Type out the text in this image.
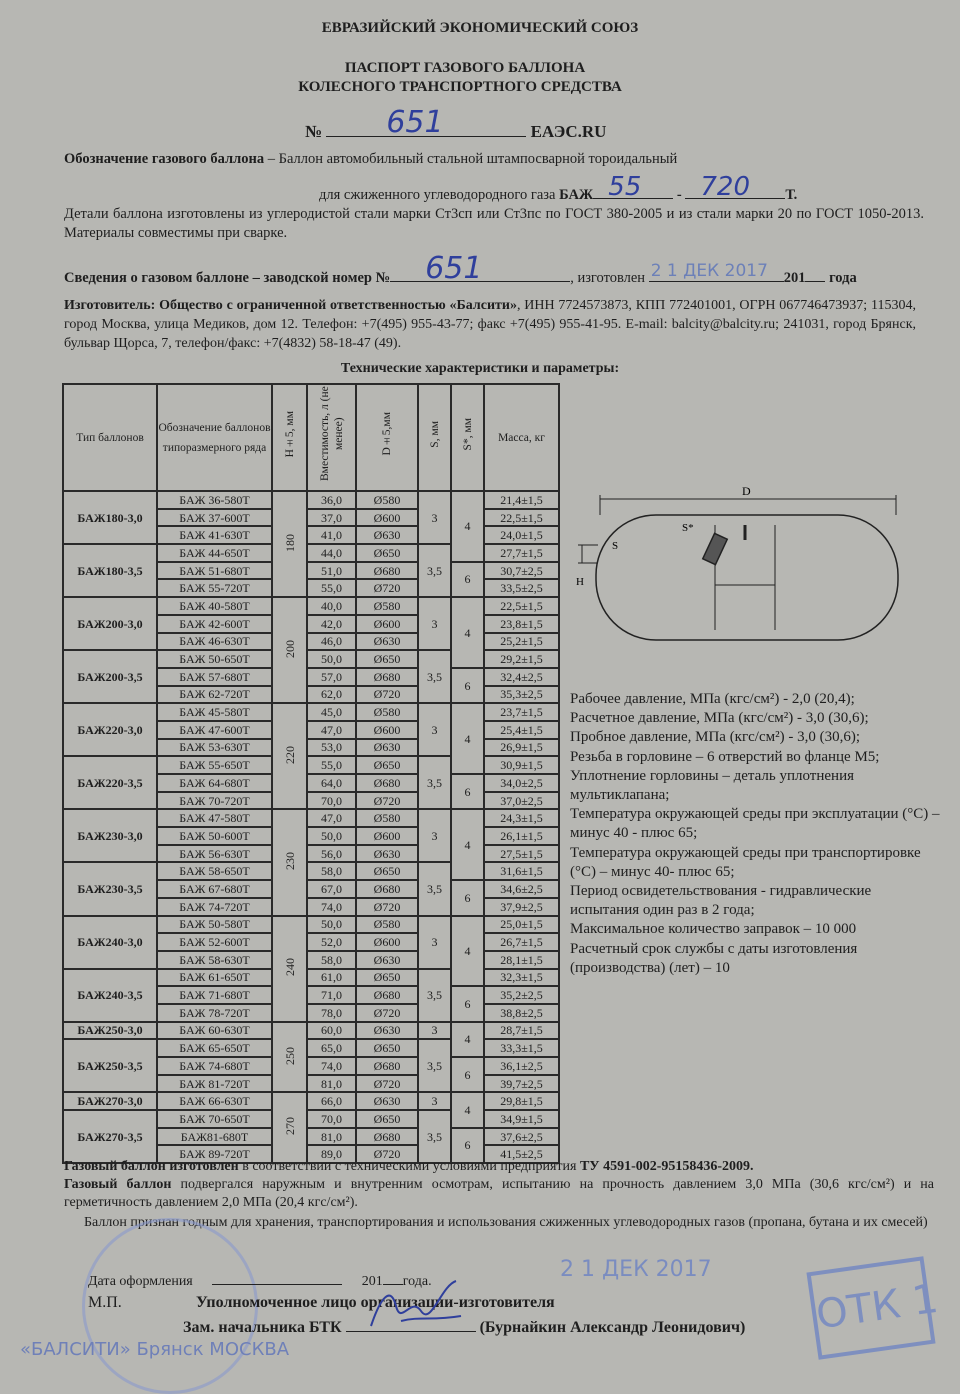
ЕВРАЗИЙСКИЙ ЭКОНОМИЧЕСКИЙ СОЮЗ
ПАСПОРТ ГАЗОВОГО БАЛЛОНА
КОЛЕСНОГО ТРАНСПОРТНОГО СРЕДСТВА
№ 651	ЕАЭС.RU

Обозначение газового баллона – Баллон автомобильный стальной штампосварной тороидальный

для сжиженного углеводородного газа БАЖ 55 - 720 Т.

Детали баллона изготовлены из углеродистой стали марки Ст3сп или Ст3пс по ГОСТ 380-2005 и из стали марки 20 по ГОСТ 1050-2013. Материалы совместимы при сварке.

Сведения о газовом баллоне – заводской номер № 651	, изготовлен 2 1 ДЕК 2017 201 года
Изготовитель: Общество с ограниченной ответственностью «Балсити», ИНН 7724573873, КПП 772401001, ОГРН 067746473937; 115304, город Москва, улица Медиков, дом 12. Телефон: +7(495) 955-43-77; факс +7(495) 955-41-95. E-mail: balcity@balcity.ru; 241031, город Брянск, бульвар Щорса, 7, телефон/факс: +7(4832) 58-18-47 (49).
Технические характеристики и параметры:
Тип баллонов	Обозначение баллонов типоразмерного ряда	H±5, мм	Вместимость, л (не менее)	D±5,мм	S, мм	S*, мм	Масса, кг
БАЖ180-3,0	БАЖ 36-580Т	180	36,0	Ø580	3	4	21,4±1,5
	БАЖ 37-600Т		37,0	Ø600			22,5±1,5
	БАЖ 41-630Т		41,0	Ø630			24,0±1,5
БАЖ180-3,5	БАЖ 44-650Т		44,0	Ø650	3,5		27,7±1,5
	БАЖ 51-680Т		51,0	Ø680		6	30,7±2,5
	БАЖ 55-720Т		55,0	Ø720			33,5±2,5
БАЖ200-3,0	БАЖ 40-580Т	200	40,0	Ø580	3	4	22,5±1,5
	БАЖ 42-600Т		42,0	Ø600			23,8±1,5
	БАЖ 46-630Т		46,0	Ø630			25,2±1,5
БАЖ200-3,5	БАЖ 50-650Т		50,0	Ø650	3,5		29,2±1,5
	БАЖ 57-680Т		57,0	Ø680		6	32,4±2,5
	БАЖ 62-720Т		62,0	Ø720			35,3±2,5
БАЖ220-3,0	БАЖ 45-580Т	220	45,0	Ø580	3	4	23,7±1,5
	БАЖ 47-600Т		47,0	Ø600			25,4±1,5
	БАЖ 53-630Т		53,0	Ø630			26,9±1,5
БАЖ220-3,5	БАЖ 55-650Т		55,0	Ø650	3,5		30,9±1,5
	БАЖ 64-680Т		64,0	Ø680		6	34,0±2,5
	БАЖ 70-720Т		70,0	Ø720			37,0±2,5
БАЖ230-3,0	БАЖ 47-580Т	230	47,0	Ø580	3	4	24,3±1,5
	БАЖ 50-600Т		50,0	Ø600			26,1±1,5
	БАЖ 56-630Т		56,0	Ø630			27,5±1,5
БАЖ230-3,5	БАЖ 58-650Т		58,0	Ø650	3,5		31,6±1,5
	БАЖ 67-680Т		67,0	Ø680		6	34,6±2,5
	БАЖ 74-720Т		74,0	Ø720			37,9±2,5
БАЖ240-3,0	БАЖ 50-580Т	240	50,0	Ø580	3	4	25,0±1,5
	БАЖ 52-600Т		52,0	Ø600			26,7±1,5
	БАЖ 58-630Т		58,0	Ø630			28,1±1,5
БАЖ240-3,5	БАЖ 61-650Т		61,0	Ø650	3,5		32,3±1,5
	БАЖ 71-680Т		71,0	Ø680		6	35,2±2,5
	БАЖ 78-720Т		78,0	Ø720			38,8±2,5
БАЖ250-3,0	БАЖ 60-630Т	250	60,0	Ø630	3	4	28,7±1,5
БАЖ250-3,5	БАЖ 65-650Т		65,0	Ø650	3,5		33,3±1,5
	БАЖ 74-680Т		74,0	Ø680		6	36,1±2,5
	БАЖ 81-720Т		81,0	Ø720			39,7±2,5
БАЖ270-3,0	БАЖ 66-630Т	270	66,0	Ø630	3	4	29,8±1,5
БАЖ270-3,5	БАЖ 70-650Т		70,0	Ø650	3,5		34,9±1,5
	БАЖ81-680Т		81,0	Ø680		6	37,6±2,5
	БАЖ 89-720Т		89,0	Ø720			41,5±2,5
D
H
S*
S

Рабочее давление, МПа (кгс/см²) - 2,0 (20,4);

Расчетное давление, МПа (кгс/см²) - 3,0 (30,6);

Пробное давление, МПа (кгс/см²) - 3,0 (30,6);

Резьба в горловине – 6 отверстий во фланце М5;

Уплотнение горловины – деталь уплотнения мультиклапана;

Температура окружающей среды при эксплуатации (°С) – минус 40 - плюс 65;

Температура окружающей среды при транспортировке (°С) – минус 40- плюс 65;

Период освидетельствования - гидравлические испытания один раз в 2 года;

Максимальное количество заправок – 10 000

Расчетный срок службы с даты изготовления (производства) (лет) – 10

Газовый баллон изготовлен в соответствии с техническими условиями предприятия ТУ 4591-002-95158436-2009.

Газовый баллон подвергался наружным и внутренним осмотрам, испытанию на прочность давлением 3,0 МПа (30,6 кгс/см²) и на герметичность давлением 2,0 МПа (20,4 кгс/см²).

Баллон признан годным для хранения, транспортирования и использования сжиженных углеводородных газов (пропана, бутана и их смесей)

2 1 ДЕК 2017
ОТК 1
«БАЛСИТИ» Брянск МОСКВА
Дата оформления	201 года.
М.П.	Уполномоченное лицо организации-изготовителя
Зам. начальника БТК	(Бурнайкин Александр Леонидович)
